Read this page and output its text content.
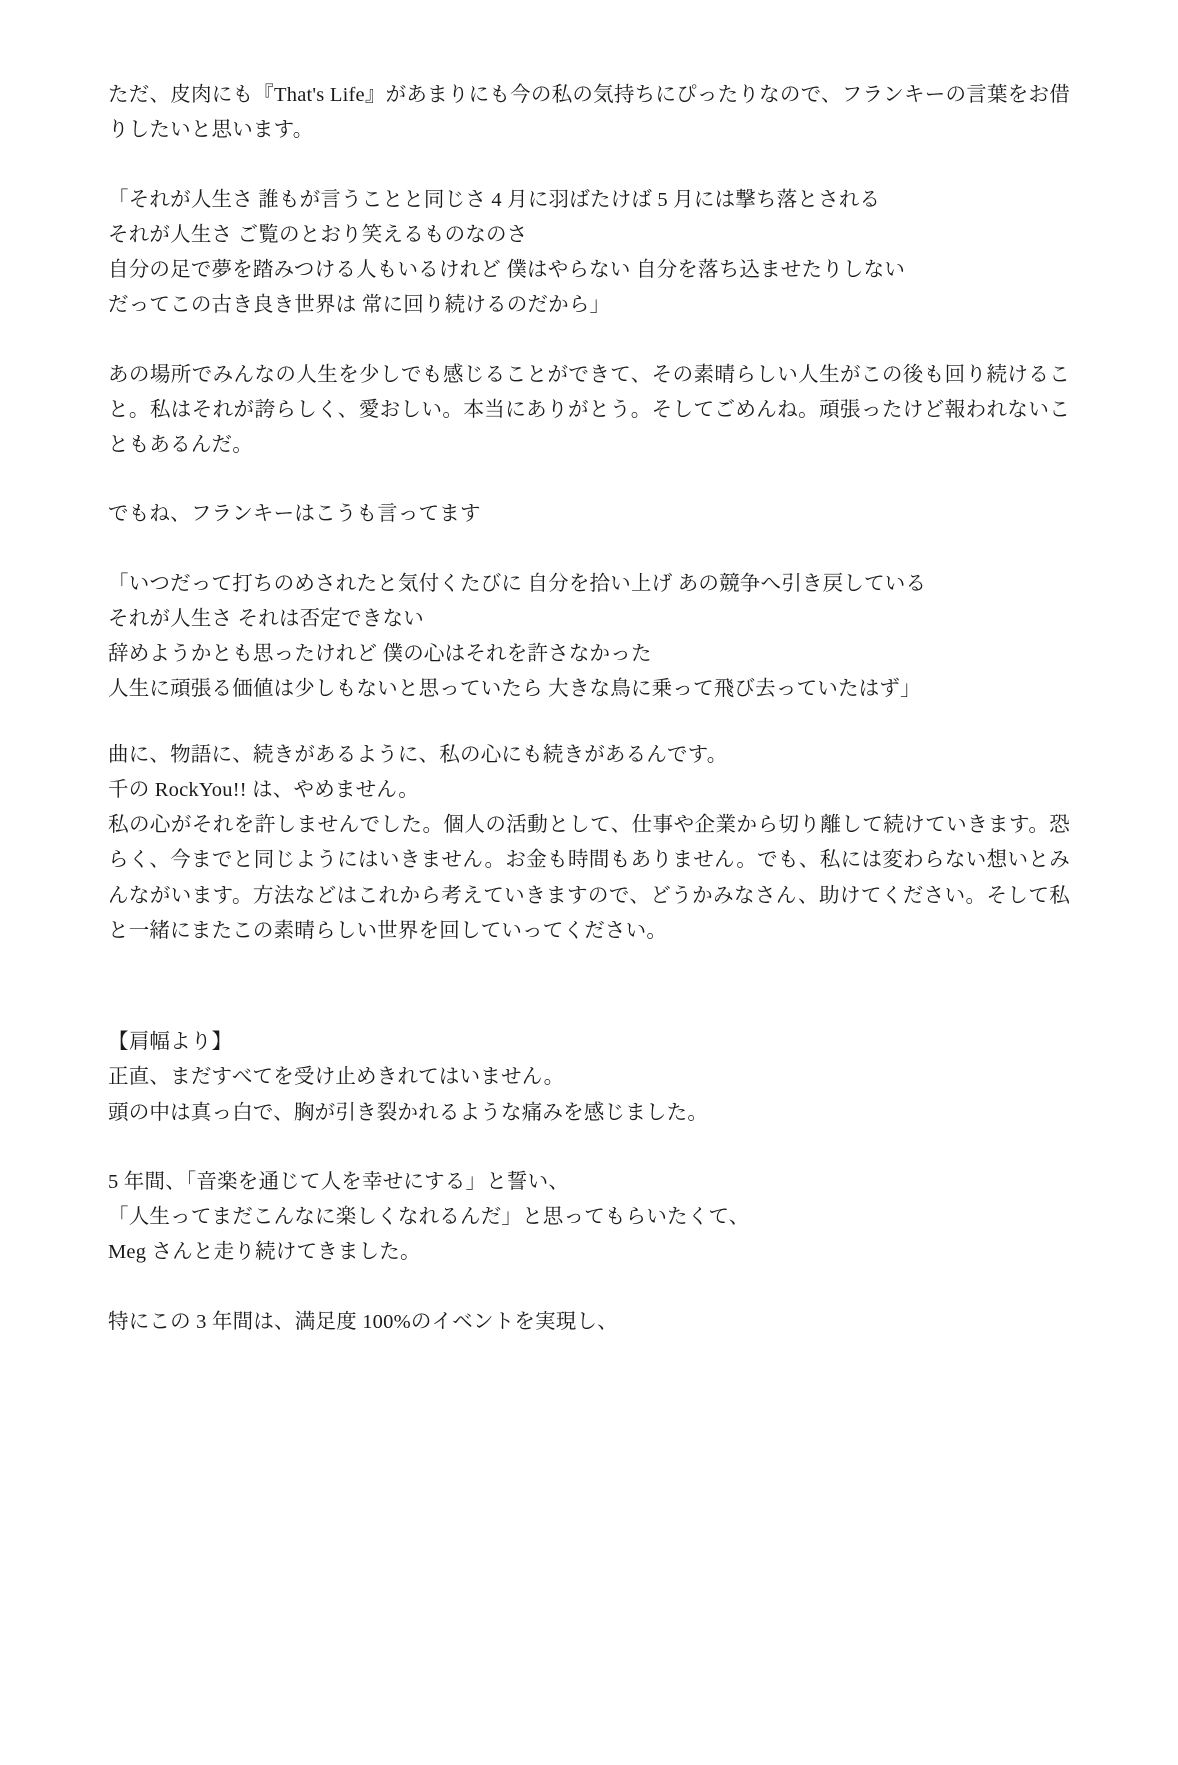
ただ、皮肉にも『That's Life』があまりにも今の私の気持ちにぴったりなので、フランキーの言葉をお借りしたいと思います。
「それが人生さ 誰もが言うことと同じさ 4 月に羽ばたけば 5 月には撃ち落とされる
それが人生さ ご覧のとおり笑えるものなのさ
自分の足で夢を踏みつける人もいるけれど 僕はやらない 自分を落ち込ませたりしない
だってこの古き良き世界は 常に回り続けるのだから」
あの場所でみんなの人生を少しでも感じることができて、その素晴らしい人生がこの後も回り続けること。私はそれが誇らしく、愛おしい。本当にありがとう。そしてごめんね。頑張ったけど報われないこともあるんだ。
でもね、フランキーはこうも言ってます
「いつだって打ちのめされたと気付くたびに 自分を拾い上げ あの競争へ引き戻している
それが人生さ それは否定できない
辞めようかとも思ったけれど 僕の心はそれを許さなかった
人生に頑張る価値は少しもないと思っていたら 大きな鳥に乗って飛び去っていたはず」
曲に、物語に、続きがあるように、私の心にも続きがあるんです。
千の RockYou!! は、やめません。
私の心がそれを許しませんでした。個人の活動として、仕事や企業から切り離して続けていきます。恐らく、今までと同じようにはいきません。お金も時間もありません。でも、私には変わらない想いとみんながいます。方法などはこれから考えていきますので、どうかみなさん、助けてください。そして私と一緒にまたこの素晴らしい世界を回していってください。
【肩幅より】
正直、まだすべてを受け止めきれてはいません。
頭の中は真っ白で、胸が引き裂かれるような痛みを感じました。
5 年間、「音楽を通じて人を幸せにする」と誓い、
「人生ってまだこんなに楽しくなれるんだ」と思ってもらいたくて、
Meg さんと走り続けてきました。
特にこの 3 年間は、満足度 100%のイベントを実現し、
